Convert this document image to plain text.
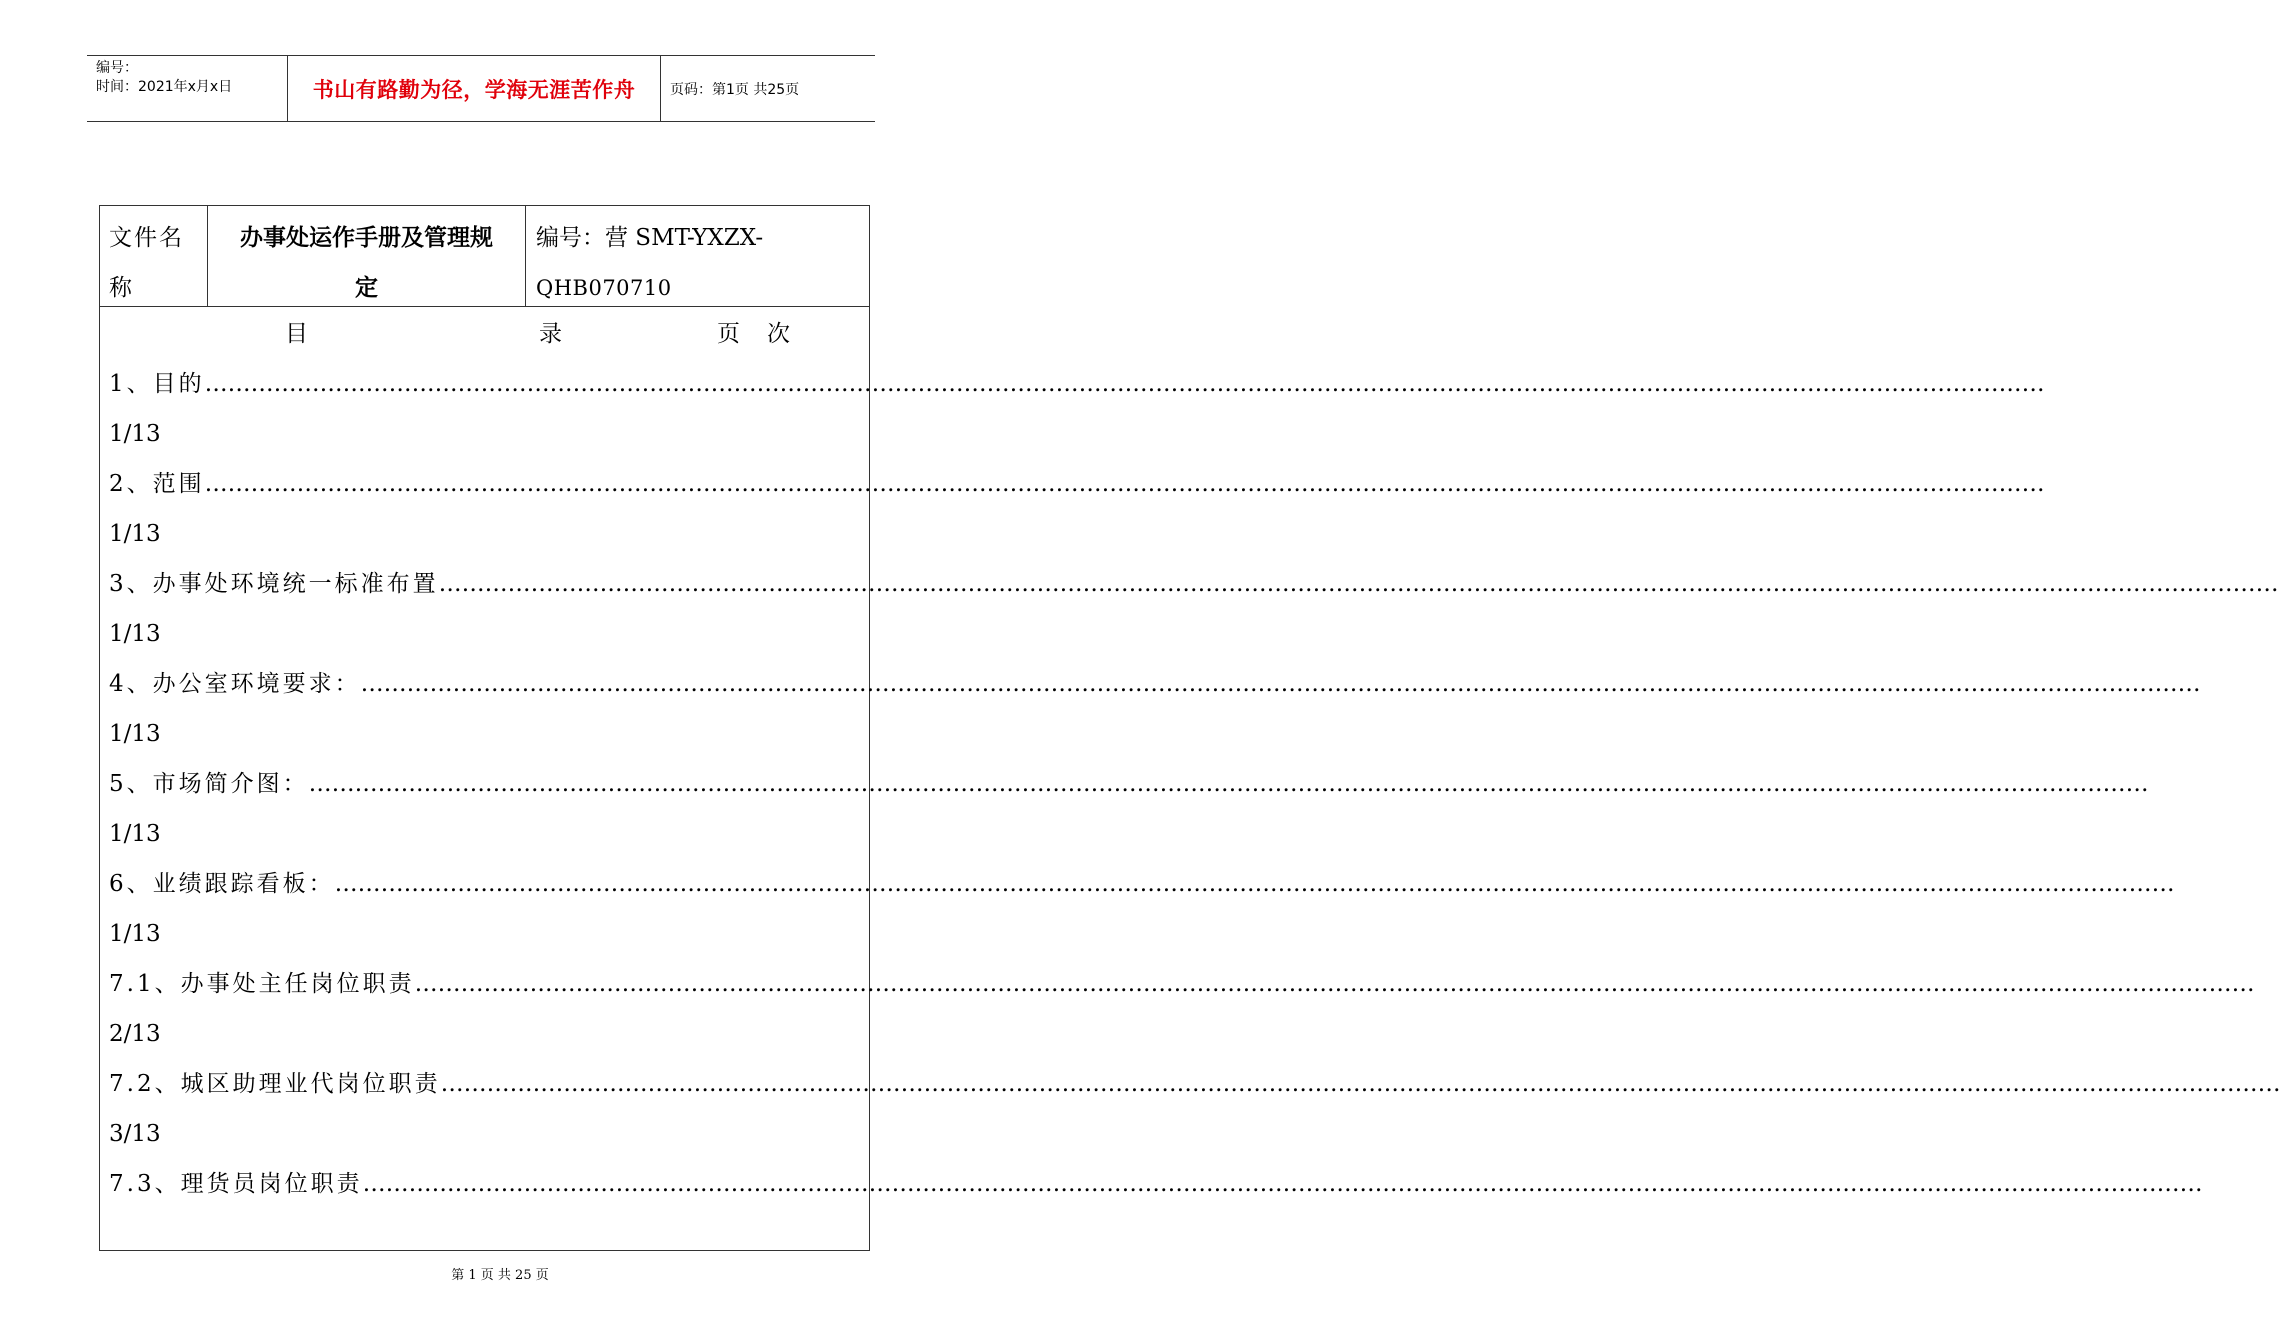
编号：
时间：2021年x月x日	书山有路勤为径，学海无涯苦作舟	页码：第1页 共25页
文件名
称
办事处运作手册及管理规
定
编号：营 SMT-YXZX-
QHB070710
目	录	页　次
1、目的 ……………………………………………………………………………………………………………………………………………………………………………………………………………………
1/13
2、范围 ……………………………………………………………………………………………………………………………………………………………………………………………………………………
1/13
3、办事处环境统一标准布置 ……………………………………………………………………………………………………………………………………………………………………………………………………………………
1/13
4、办公室环境要求： ……………………………………………………………………………………………………………………………………………………………………………………………………………………
1/13
5、市场简介图： ……………………………………………………………………………………………………………………………………………………………………………………………………………………
1/13
6、业绩跟踪看板： ……………………………………………………………………………………………………………………………………………………………………………………………………………………
1/13
7.1、办事处主任岗位职责 ……………………………………………………………………………………………………………………………………………………………………………………………………………………
2/13
7.2、城区助理业代岗位职责 ……………………………………………………………………………………………………………………………………………………………………………………………………………………
3/13
7.3、理货员岗位职责 ……………………………………………………………………………………………………………………………………………………………………………………………………………………
第 1 页 共 25 页
